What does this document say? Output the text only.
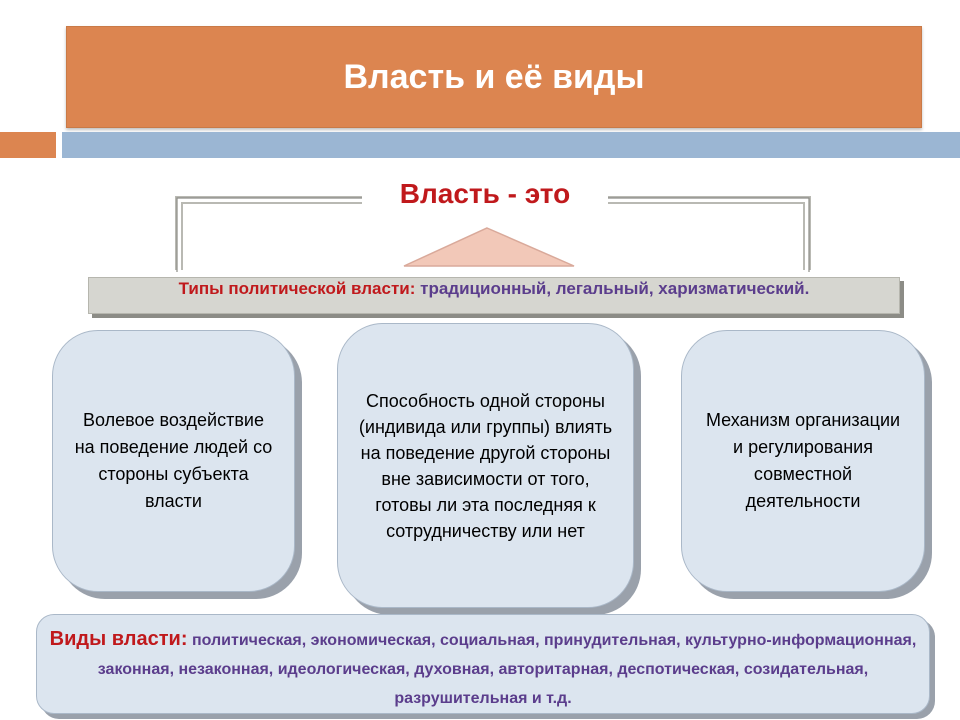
Власть и её виды
Власть - это
Типы политической власти: традиционный, легальный, харизматический.
Волевое воздействие на поведение людей со стороны субъекта власти
Способность одной стороны (индивида или группы) влиять на поведение другой стороны вне зависимости от того, готовы ли эта последняя к сотрудничеству или нет
Механизм организации и регулирования совместной деятельности
Виды власти: политическая, экономическая, социальная, принудительная, культурно-информационная, законная, незаконная, идеологическая, духовная, авторитарная, деспотическая, созидательная, разрушительная и т.д.
